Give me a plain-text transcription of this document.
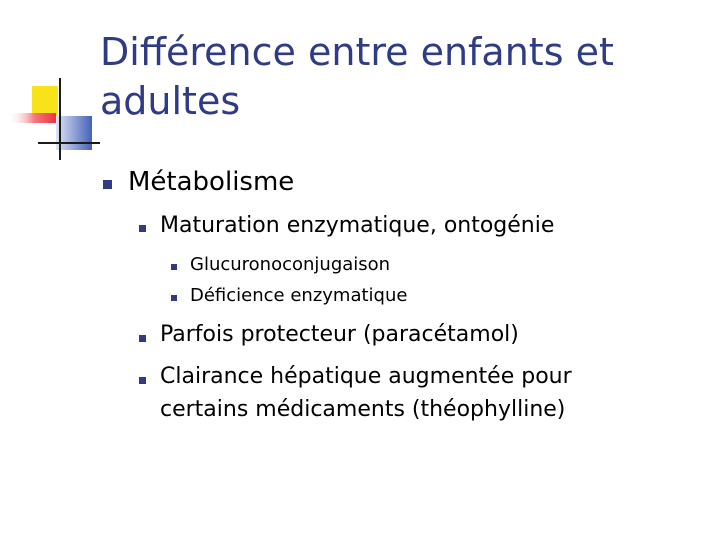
Différence entre enfants et adultes
Métabolisme
Maturation enzymatique, ontogénie
Glucuronoconjugaison
Déficience enzymatique
Parfois protecteur (paracétamol)
Clairance hépatique augmentée pour
certains médicaments (théophylline)
